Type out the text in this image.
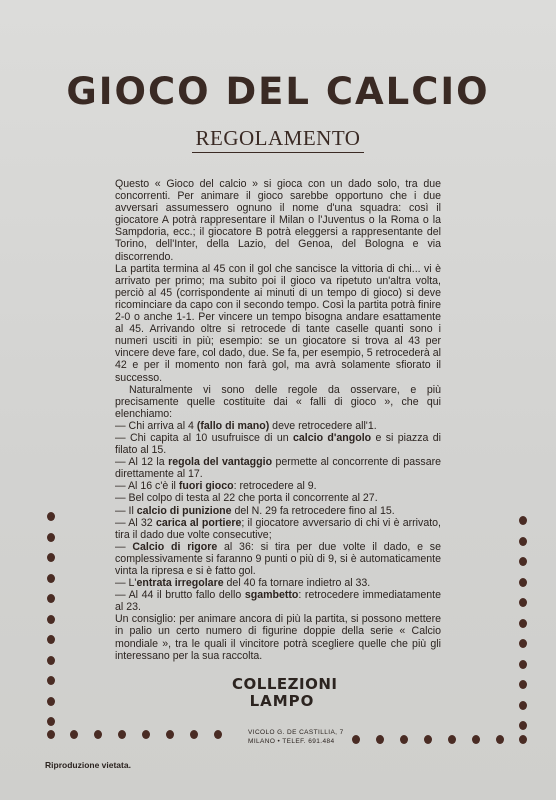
GIOCO DEL CALCIO
REGOLAMENTO

Questo « Gioco del calcio » si gioca con un dado solo, tra due concorrenti. Per animare il gioco sarebbe opportuno che i due avversari assumessero ognuno il nome d'una squadra: così il giocatore A potrà rappresentare il Milan o l'Juventus o la Roma o la Sampdoria, ecc.; il giocatore B potrà eleggersi a rappresentante del Torino, dell'Inter, della Lazio, del Genoa, del Bologna e via discorrendo.

La partita termina al 45 con il gol che sancisce la vittoria di chi... vi è arrivato per primo; ma subito poi il gioco va ripetuto un'altra volta, perciò al 45 (corrispondente ai minuti di un tempo di gioco) si deve ricominciare da capo con il secondo tempo. Così la partita potrà finire 2-0 o anche 1-1. Per vincere un tempo bisogna andare esattamente al 45. Arrivando oltre si retrocede di tante caselle quanti sono i numeri usciti in più; esempio: se un giocatore si trova al 43 per vincere deve fare, col dado, due. Se fa, per esempio, 5 retrocederà al 42 e per il momento non farà gol, ma avrà solamente sfiorato il successo.

Naturalmente vi sono delle regole da osservare, e più precisamente quelle costituite dai « falli di gioco », che qui elenchiamo:

— Chi arriva al 4 (fallo di mano) deve retrocedere all'1.

— Chi capita al 10 usufruisce di un calcio d'angolo e si piazza di filato al 15.

— Al 12 la regola del vantaggio permette al concorrente di passare direttamente al 17.

— Al 16 c'è il fuori gioco: retrocedere al 9.

— Bel colpo di testa al 22 che porta il concorrente al 27.

— Il calcio di punizione del N. 29 fa retrocedere fino al 15.

— Al 32 carica al portiere; il giocatore avversario di chi vi è arrivato, tira il dado due volte consecutive;

— Calcio di rigore al 36: si tira per due volte il dado, e se complessivamente si faranno 9 punti o più di 9, si è automaticamente vinta la ripresa e si è fatto gol.

— L'entrata irregolare del 40 fa tornare indietro al 33.

— Al 44 il brutto fallo dello sgambetto: retrocedere immediatamente al 23.

Un consiglio: per animare ancora di più la partita, si possono mettere in palio un certo numero di figurine doppie della serie « Calcio mondiale », tra le quali il vincitore potrà scegliere quelle che più gli interessano per la sua raccolta.

COLLEZIONI
LAMPO
VICOLO G. DE CASTILLIA, 7
MILANO • TELEF. 691.484
Riproduzione vietata.
